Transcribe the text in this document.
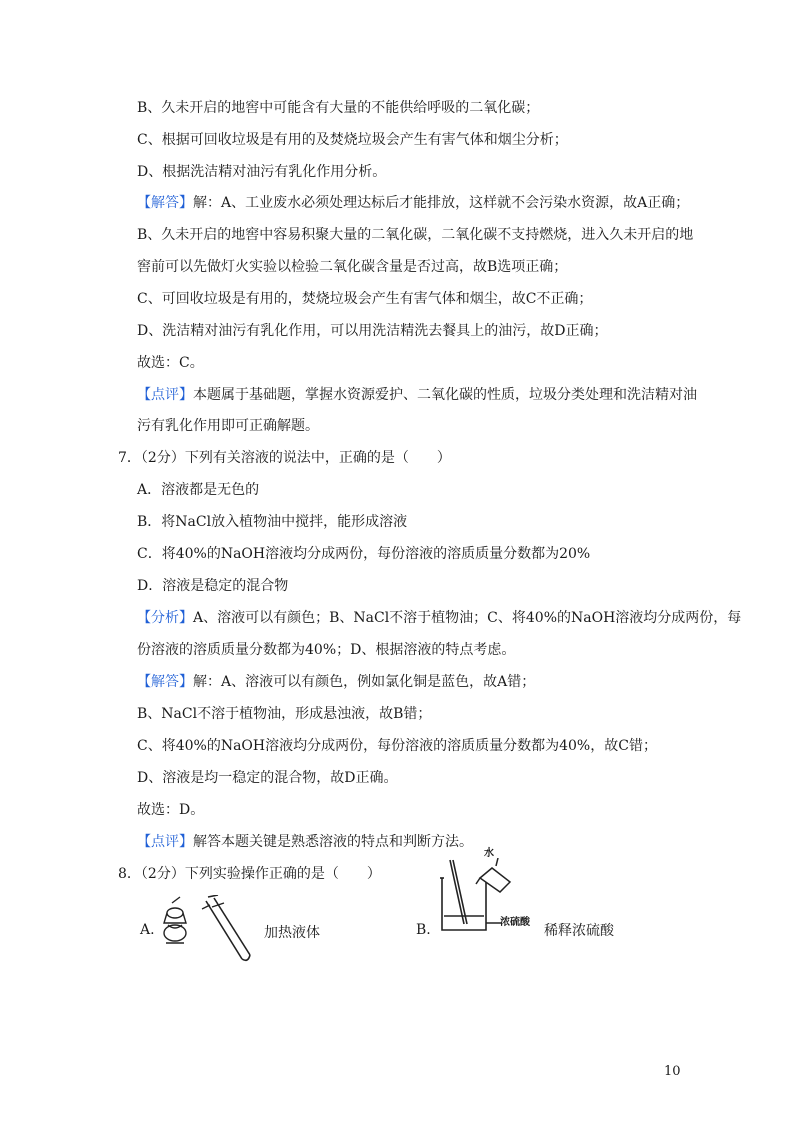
B、久未开启的地窖中可能含有大量的不能供给呼吸的二氧化碳；
C、根据可回收垃圾是有用的及焚烧垃圾会产生有害气体和烟尘分析；
D、根据洗洁精对油污有乳化作用分析。
【解答】解：A、工业废水必须处理达标后才能排放，这样就不会污染水资源，故A正确；
B、久未开启的地窖中容易积聚大量的二氧化碳，二氧化碳不支持燃烧，进入久未开启的地
窖前可以先做灯火实验以检验二氧化碳含量是否过高，故B选项正确；
C、可回收垃圾是有用的，焚烧垃圾会产生有害气体和烟尘，故C不正确；
D、洗洁精对油污有乳化作用，可以用洗洁精洗去餐具上的油污，故D正确；
故选：C。
【点评】本题属于基础题，掌握水资源爱护、二氧化碳的性质，垃圾分类处理和洗洁精对油
污有乳化作用即可正确解题。
7．（2分）下列有关溶液的说法中，正确的是（　　）
A．溶液都是无色的
B．将NaCl放入植物油中搅拌，能形成溶液
C．将40%的NaOH溶液均分成两份，每份溶液的溶质质量分数都为20%
D．溶液是稳定的混合物
【分析】A、溶液可以有颜色；B、NaCl不溶于植物油；C、将40%的NaOH溶液均分成两份，每
份溶液的溶质质量分数都为40%；D、根据溶液的特点考虑。
【解答】解：A、溶液可以有颜色，例如氯化铜是蓝色，故A错；
B、NaCl不溶于植物油，形成悬浊液，故B错；
C、将40%的NaOH溶液均分成两份，每份溶液的溶质质量分数都为40%，故C错；
D、溶液是均一稳定的混合物，故D正确。
故选：D。
【点评】解答本题关键是熟悉溶液的特点和判断方法。
8．（2分）下列实验操作正确的是（　　）
A.	加热液体
水
浓硫酸
B.	稀释浓硫酸
10
